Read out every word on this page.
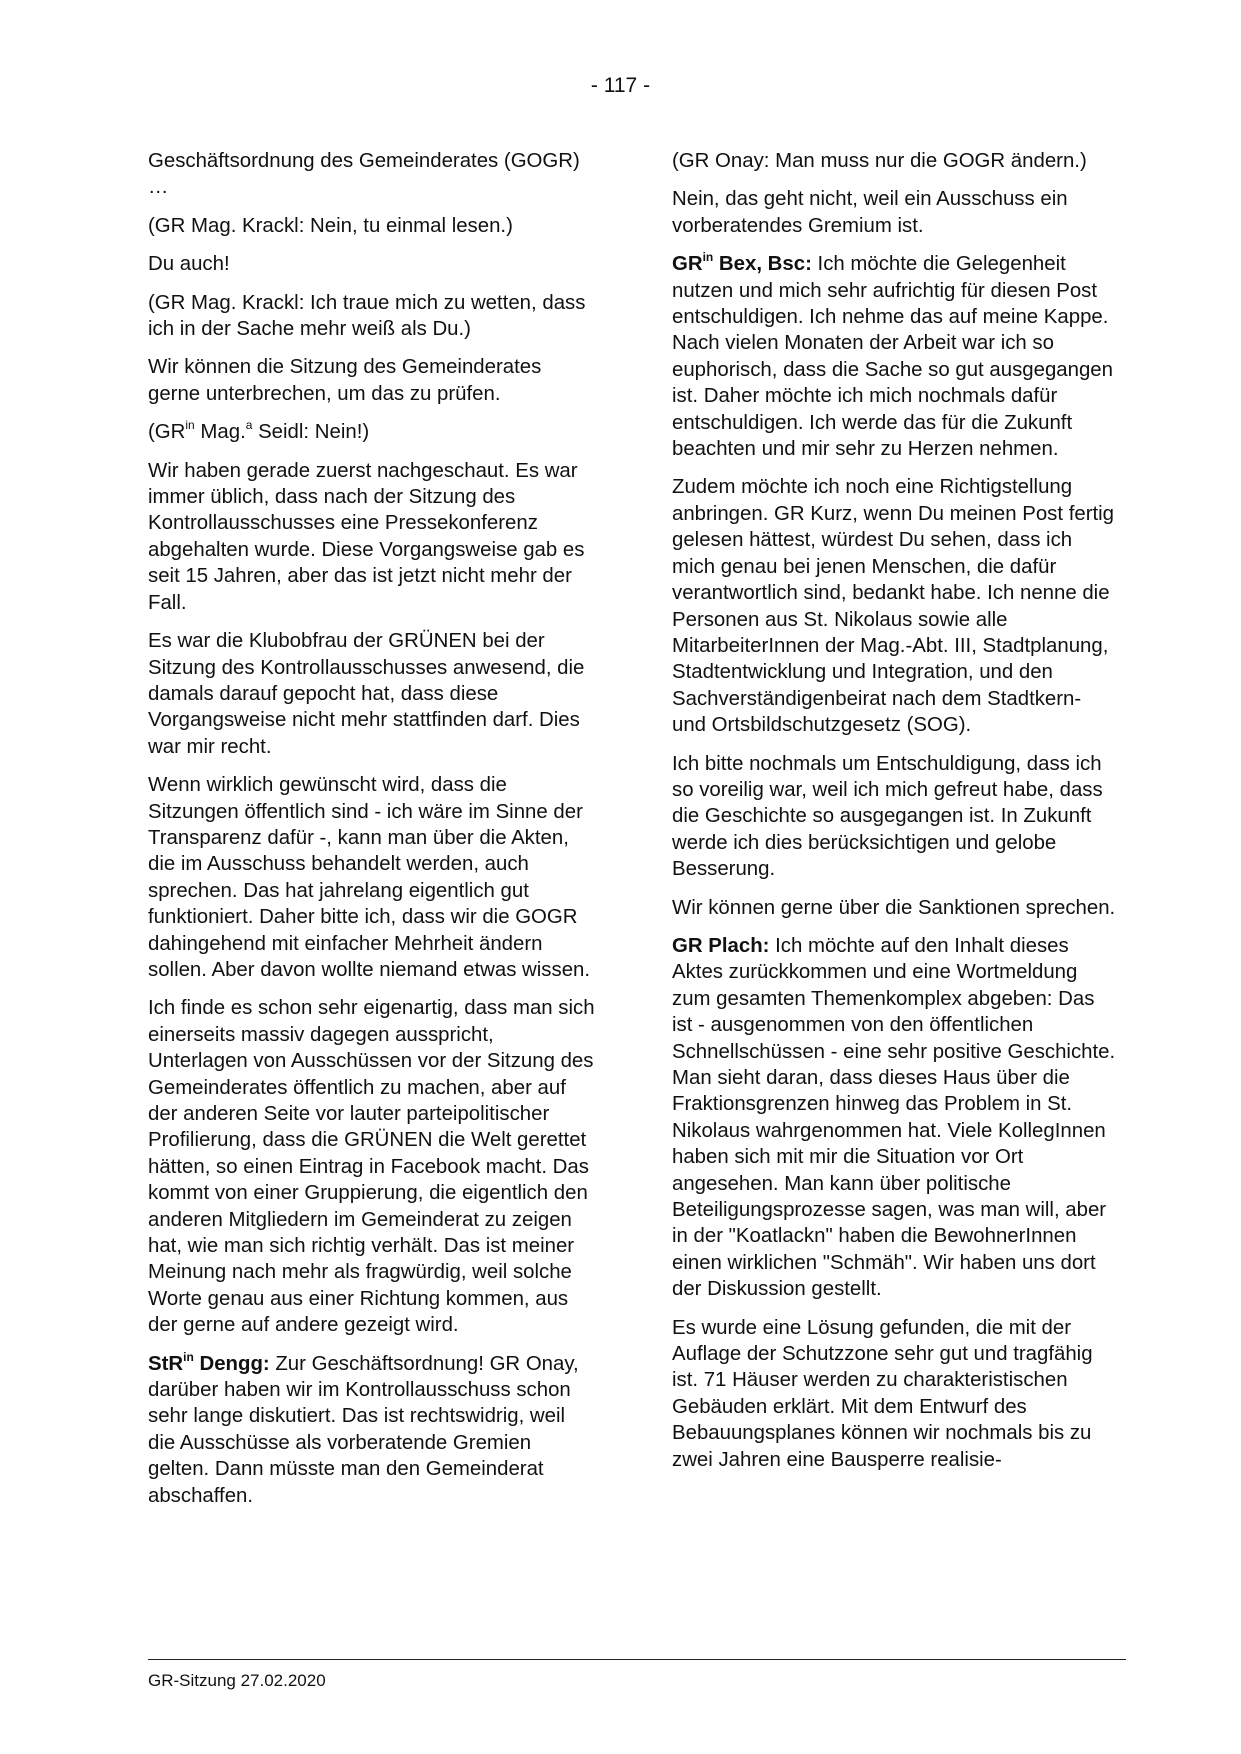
- 117 -

Geschäftsordnung des Gemeinderates (GOGR) …

(GR Mag. Krackl: Nein, tu einmal lesen.)

Du auch!

(GR Mag. Krackl: Ich traue mich zu wetten, dass ich in der Sache mehr weiß als Du.)

Wir können die Sitzung des Gemeinderates gerne unterbrechen, um das zu prüfen.

($GR^{in}$ Mag.$^a$ Seidl: Nein!)

Wir haben gerade zuerst nachgeschaut. Es war immer üblich, dass nach der Sitzung des Kontrollausschusses eine Pressekonferenz abgehalten wurde. Diese Vorgangsweise gab es seit 15 Jahren, aber das ist jetzt nicht mehr der Fall.

Es war die Klubobfrau der GRÜNEN bei der Sitzung des Kontrollausschusses anwesend, die damals darauf gepocht hat, dass diese Vorgangsweise nicht mehr stattfinden darf. Dies war mir recht.

Wenn wirklich gewünscht wird, dass die Sitzungen öffentlich sind - ich wäre im Sinne der Transparenz dafür -, kann man über die Akten, die im Ausschuss behandelt werden, auch sprechen. Das hat jahrelang eigentlich gut funktioniert. Daher bitte ich, dass wir die GOGR dahingehend mit einfacher Mehrheit ändern sollen. Aber davon wollte niemand etwas wissen.

Ich finde es schon sehr eigenartig, dass man sich einerseits massiv dagegen ausspricht, Unterlagen von Ausschüssen vor der Sitzung des Gemeinderates öffentlich zu machen, aber auf der anderen Seite vor lauter parteipolitischer Profilierung, dass die GRÜNEN die Welt gerettet hätten, so einen Eintrag in Facebook macht. Das kommt von einer Gruppierung, die eigentlich den anderen Mitgliedern im Gemeinderat zu zeigen hat, wie man sich richtig verhält. Das ist meiner Meinung nach mehr als fragwürdig, weil solche Worte genau aus einer Richtung kommen, aus der gerne auf andere gezeigt wird.

StR$^{in}$ Dengg: Zur Geschäftsordnung! GR Onay, darüber haben wir im Kontrollausschuss schon sehr lange diskutiert. Das ist rechtswidrig, weil die Ausschüsse als vorberatende Gremien gelten. Dann müsste man den Gemeinderat abschaffen.

(GR Onay: Man muss nur die GOGR ändern.)

Nein, das geht nicht, weil ein Ausschuss ein vorberatendes Gremium ist.

$GR^{in}$ Bex, Bsc: Ich möchte die Gelegenheit nutzen und mich sehr aufrichtig für diesen Post entschuldigen. Ich nehme das auf meine Kappe. Nach vielen Monaten der Arbeit war ich so euphorisch, dass die Sache so gut ausgegangen ist. Daher möchte ich mich nochmals dafür entschuldigen. Ich werde das für die Zukunft beachten und mir sehr zu Herzen nehmen.

Zudem möchte ich noch eine Richtigstellung anbringen. GR Kurz, wenn Du meinen Post fertig gelesen hättest, würdest Du sehen, dass ich mich genau bei jenen Menschen, die dafür verantwortlich sind, bedankt habe. Ich nenne die Personen aus St. Nikolaus sowie alle MitarbeiterInnen der Mag.-Abt. III, Stadtplanung, Stadtentwicklung und Integration, und den Sachverständigenbeirat nach dem Stadtkern- und Ortsbildschutzgesetz (SOG).

Ich bitte nochmals um Entschuldigung, dass ich so voreilig war, weil ich mich gefreut habe, dass die Geschichte so ausgegangen ist. In Zukunft werde ich dies berücksichtigen und gelobe Besserung.

Wir können gerne über die Sanktionen sprechen.

GR Plach: Ich möchte auf den Inhalt dieses Aktes zurückkommen und eine Wortmeldung zum gesamten Themenkomplex abgeben: Das ist - ausgenommen von den öffentlichen Schnellschüssen - eine sehr positive Geschichte. Man sieht daran, dass dieses Haus über die Fraktionsgrenzen hinweg das Problem in St. Nikolaus wahrgenommen hat. Viele KollegInnen haben sich mit mir die Situation vor Ort angesehen. Man kann über politische Beteiligungsprozesse sagen, was man will, aber in der "Koatlackn" haben die BewohnerInnen einen wirklichen "Schmäh". Wir haben uns dort der Diskussion gestellt.

Es wurde eine Lösung gefunden, die mit der Auflage der Schutzzone sehr gut und tragfähig ist. 71 Häuser werden zu charakteristischen Gebäuden erklärt. Mit dem Entwurf des Bebauungsplanes können wir nochmals bis zu zwei Jahren eine Bausperre realisie-

GR-Sitzung 27.02.2020
